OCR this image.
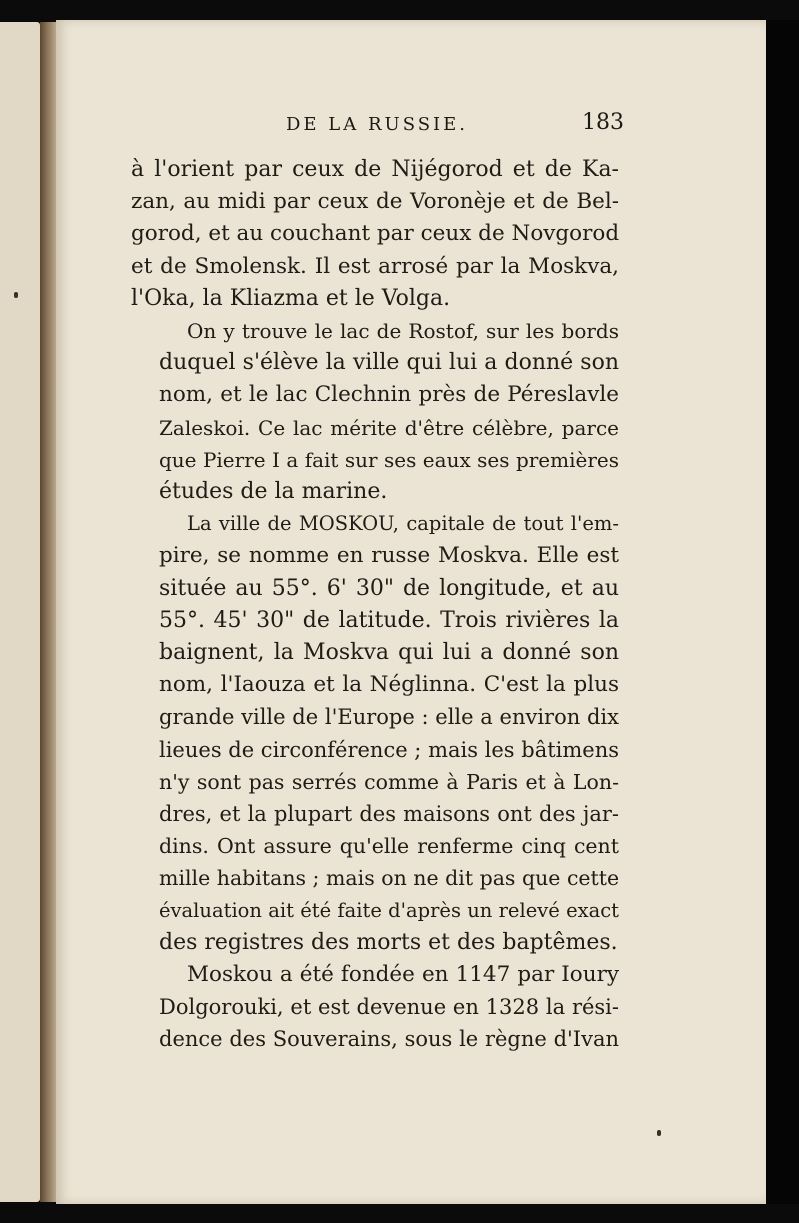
DE LA RUSSIE.	183

à l'orient par ceux de Nijégorod et de Ka-
zan, au midi par ceux de Voronèje et de Bel-
gorod, et au couchant par ceux de Novgorod
et de Smolensk. Il est arrosé par la Moskva,
l'Oka, la Kliazma et le Volga.

On y trouve le lac de Rostof, sur les bords
duquel s'élève la ville qui lui a donné son
nom, et le lac Clechnin près de Péreslavle
Zaleskoi. Ce lac mérite d'être célèbre, parce
que Pierre I a fait sur ses eaux ses premières
études de la marine.

La ville de MOSKOU, capitale de tout l'em-
pire, se nomme en russe Moskva. Elle est
située au 55°. 6' 30" de longitude, et au
55°. 45' 30" de latitude. Trois rivières la
baignent, la Moskva qui lui a donné son
nom, l'Iaouza et la Néglinna. C'est la plus
grande ville de l'Europe : elle a environ dix
lieues de circonférence ; mais les bâtimens
n'y sont pas serrés comme à Paris et à Lon-
dres, et la plupart des maisons ont des jar-
dins. Ont assure qu'elle renferme cinq cent
mille habitans ; mais on ne dit pas que cette
évaluation ait été faite d'après un relevé exact
des registres des morts et des baptêmes.

Moskou a été fondée en 1147 par Ioury
Dolgorouki, et est devenue en 1328 la rési-
dence des Souverains, sous le règne d'Ivan
